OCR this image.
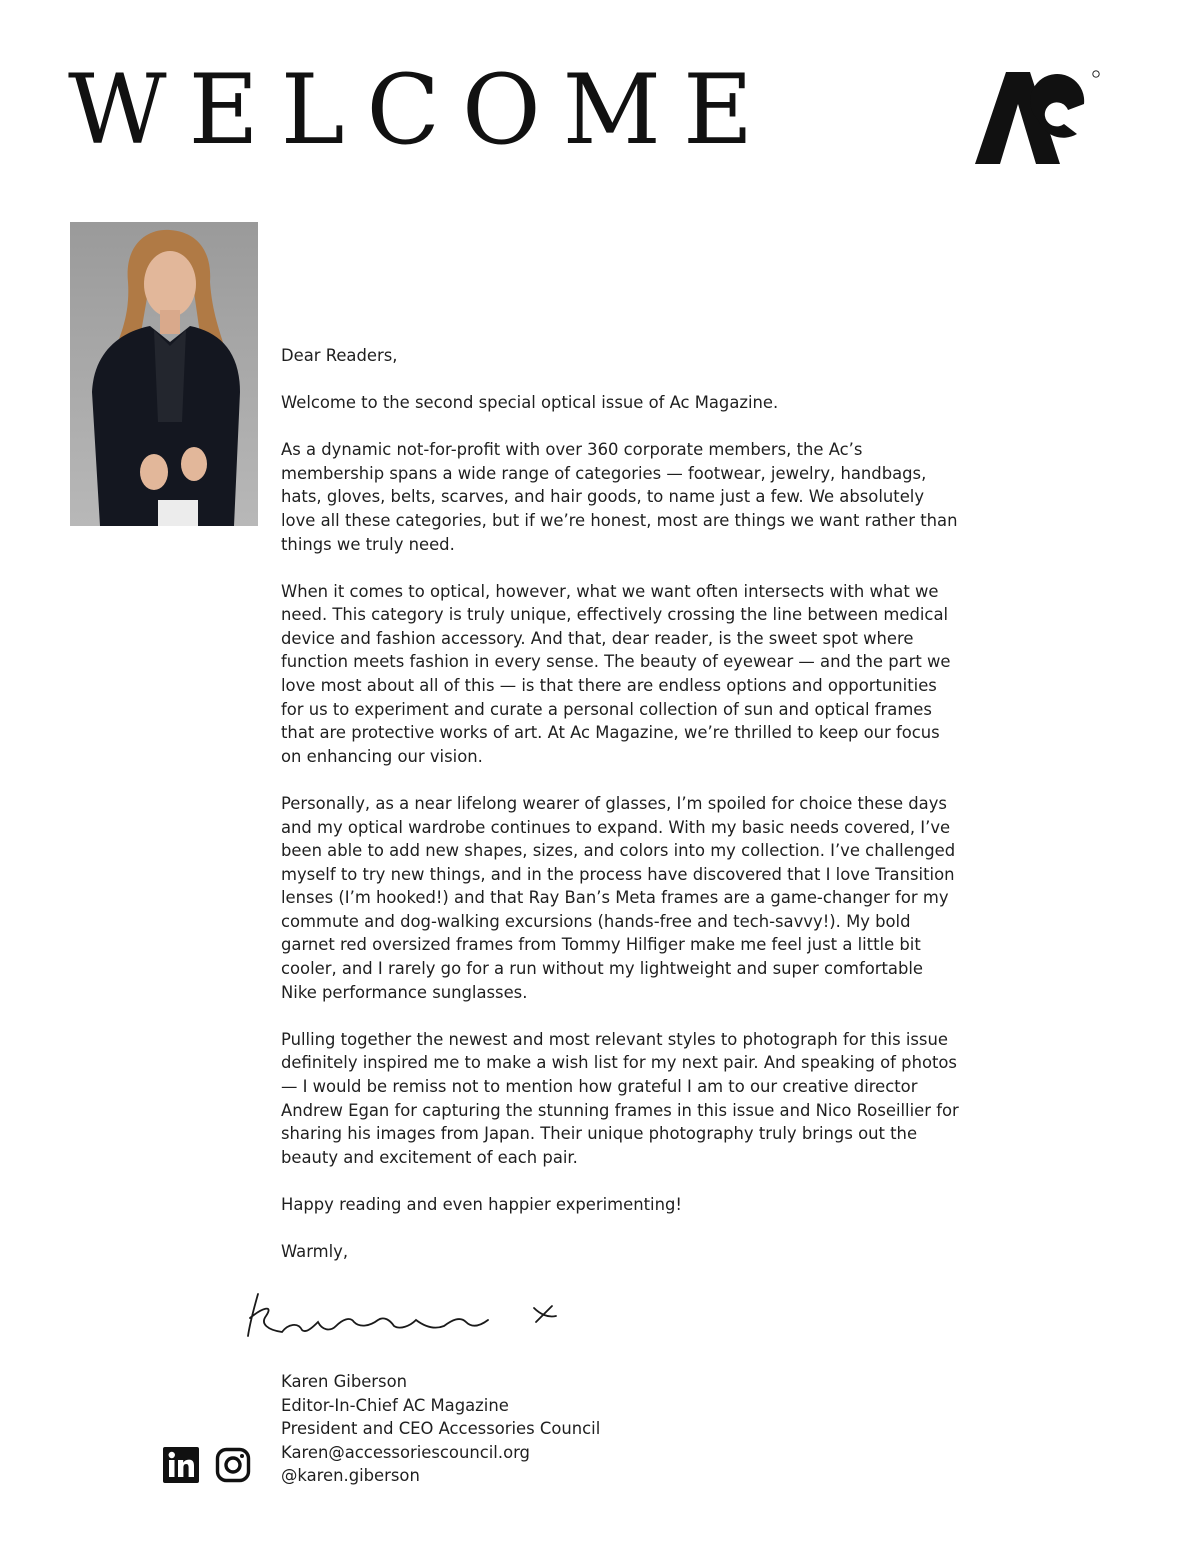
WELCOME

Dear Readers,

Welcome to the second special optical issue of Ac Magazine.

As a dynamic not-for-profit with over 360 corporate members, the Ac’s membership spans a wide range of categories — footwear, jewelry, handbags, hats, gloves, belts, scarves, and hair goods, to name just a few. We absolutely love all these categories, but if we’re honest, most are things we want rather than things we truly need.

When it comes to optical, however, what we want often intersects with what we need. This category is truly unique, effectively crossing the line between medical device and fashion accessory. And that, dear reader, is the sweet spot where function meets fashion in every sense. The beauty of eyewear — and the part we love most about all of this — is that there are endless options and opportunities for us to experiment and curate a personal collection of sun and optical frames that are protective works of art. At Ac Magazine, we’re thrilled to keep our focus on enhancing our vision.

Personally, as a near lifelong wearer of glasses, I’m spoiled for choice these days and my optical wardrobe continues to expand. With my basic needs covered, I’ve been able to add new shapes, sizes, and colors into my collection. I’ve challenged myself to try new things, and in the process have discovered that I love Transition lenses (I’m hooked!) and that Ray Ban’s Meta frames are a game-changer for my commute and dog-walking excursions (hands-free and tech-savvy!). My bold garnet red oversized frames from Tommy Hilfiger make me feel just a little bit cooler, and I rarely go for a run without my lightweight and super comfortable Nike performance sunglasses.

Pulling together the newest and most relevant styles to photograph for this issue definitely inspired me to make a wish list for my next pair. And speaking of photos — I would be remiss not to mention how grateful I am to our creative director Andrew Egan for capturing the stunning frames in this issue and Nico Roseillier for sharing his images from Japan. Their unique photography truly brings out the beauty and excitement of each pair.

Happy reading and even happier experimenting!

Warmly,

Karen Giberson
Editor-In-Chief AC Magazine
President and CEO Accessories Council
Karen@accessoriescouncil.org
@karen.giberson
